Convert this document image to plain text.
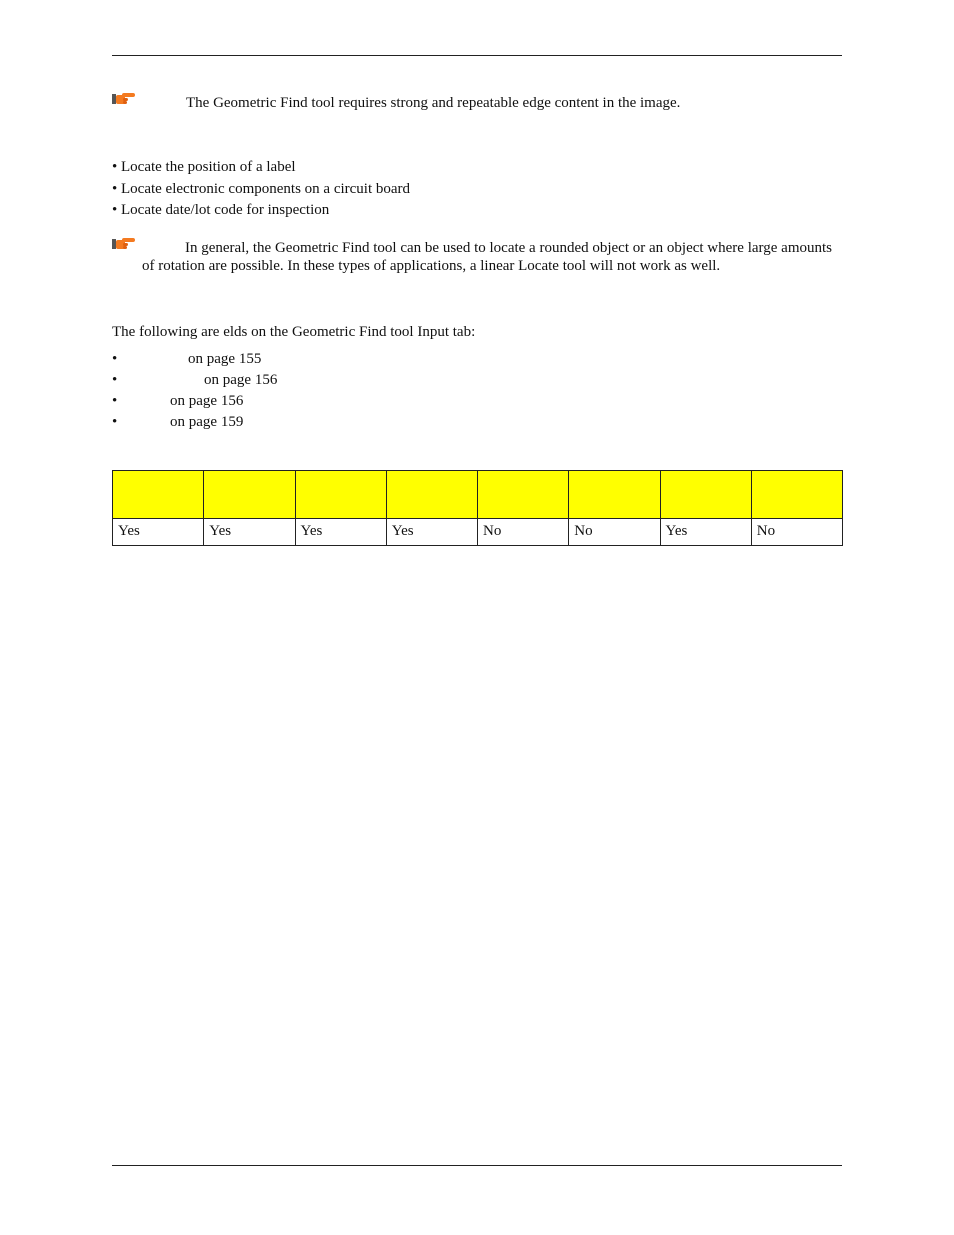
The Geometric Find tool requires strong and repeatable edge content in the image.
• Locate the position of a label
• Locate electronic components on a circuit board
• Locate date/lot code for inspection
In general, the Geometric Find tool can be used to locate a rounded object or an object where large amounts
of rotation are possible. In these types of applications, a linear Locate tool will not work as well.
The following are elds on the Geometric Find tool Input tab:
•	on page 155
•	on page 156
•	on page 156
•	on page 159

Yes	Yes	Yes	Yes	No	No	Yes	No
